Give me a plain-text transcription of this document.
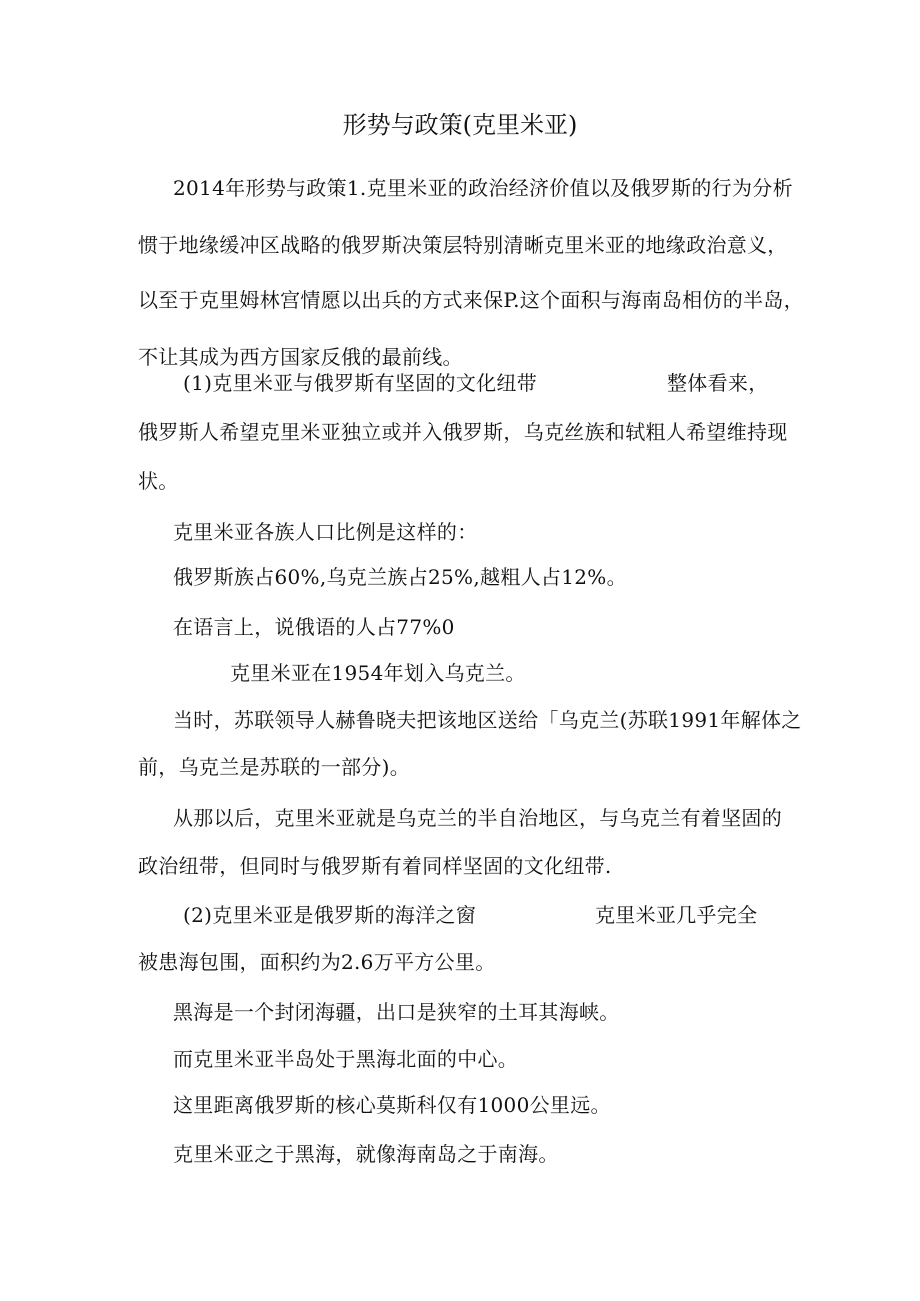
形势与政策(克里米亚)
2014年形势与政策1.克里米亚的政治经济价值以及俄罗斯的行为分析
惯于地缘缓冲区战略的俄罗斯决策层特别清晰克里米亚的地缘政治意义，
以至于克里姆林宫情愿以出兵的方式来保P.这个面积与海南岛相仿的半岛，
不让其成为西方国家反俄的最前线。
(1)克里米亚与俄罗斯有坚固的文化纽带	整体看来，
俄罗斯人希望克里米亚独立或并入俄罗斯，乌克丝族和轼粗人希望维持现
状。
克里米亚各族人口比例是这样的：
俄罗斯族占60%,乌克兰族占25%,越粗人占12%。
在语言上，说俄语的人占77%0
克里米亚在1954年划入乌克兰。
当时，苏联领导人赫鲁晓夫把该地区送给「乌克兰(苏联1991年解体之
前，乌克兰是苏联的一部分)。
从那以后，克里米亚就是乌克兰的半自治地区，与乌克兰有着坚固的
政治纽带，但同时与俄罗斯有着同样坚固的文化纽带.
(2)克里米亚是俄罗斯的海洋之窗	克里米亚几乎完全
被患海包围，面积约为2.6万平方公里。
黑海是一个封闭海疆，出口是狭窄的土耳其海峡。
而克里米亚半岛处于黑海北面的中心。
这里距离俄罗斯的核心莫斯科仅有1000公里远。
克里米亚之于黑海，就像海南岛之于南海。
